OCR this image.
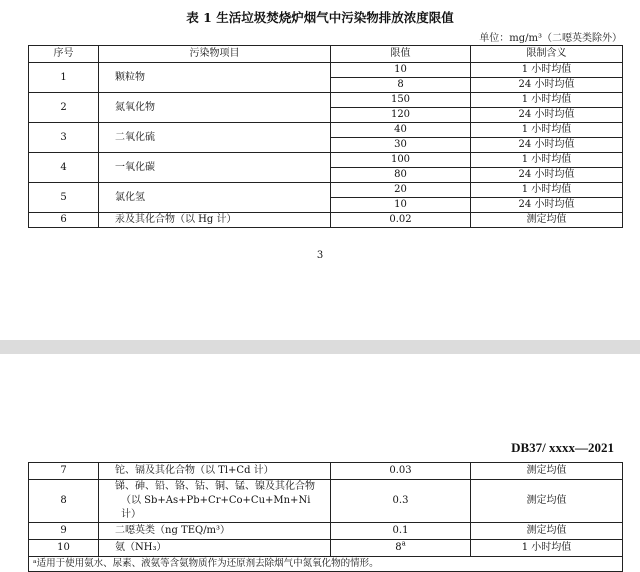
表 1 生活垃圾焚烧炉烟气中污染物排放浓度限值
单位：mg/m³（二噁英类除外）
序号	污染物项目	限值	限制含义
1	颗粒物	10	1 小时均值
		8	24 小时均值
2	氮氧化物	150	1 小时均值
		120	24 小时均值
3	二氧化硫	40	1 小时均值
		30	24 小时均值
4	一氧化碳	100	1 小时均值
		80	24 小时均值
5	氯化氢	20	1 小时均值
		10	24 小时均值
6	汞及其化合物（以 Hg 计）	0.02	测定均值
3
DB37/ xxxx—2021
7	铊、镉及其化合物（以 Tl+Cd 计）	0.03	测定均值
8	锑、砷、铅、铬、钴、铜、锰、镍及其化合物
（以 Sb+As+Pb+Cr+Co+Cu+Mn+Ni 计）	0.3	测定均值
9	二噁英类（ng TEQ/m³）	0.1	测定均值
10	氨（NH₃）	8$^a$	1 小时均值
ᵃ适用于使用氨水、尿素、液氨等含氨物质作为还原剂去除烟气中氮氧化物的情形。			
